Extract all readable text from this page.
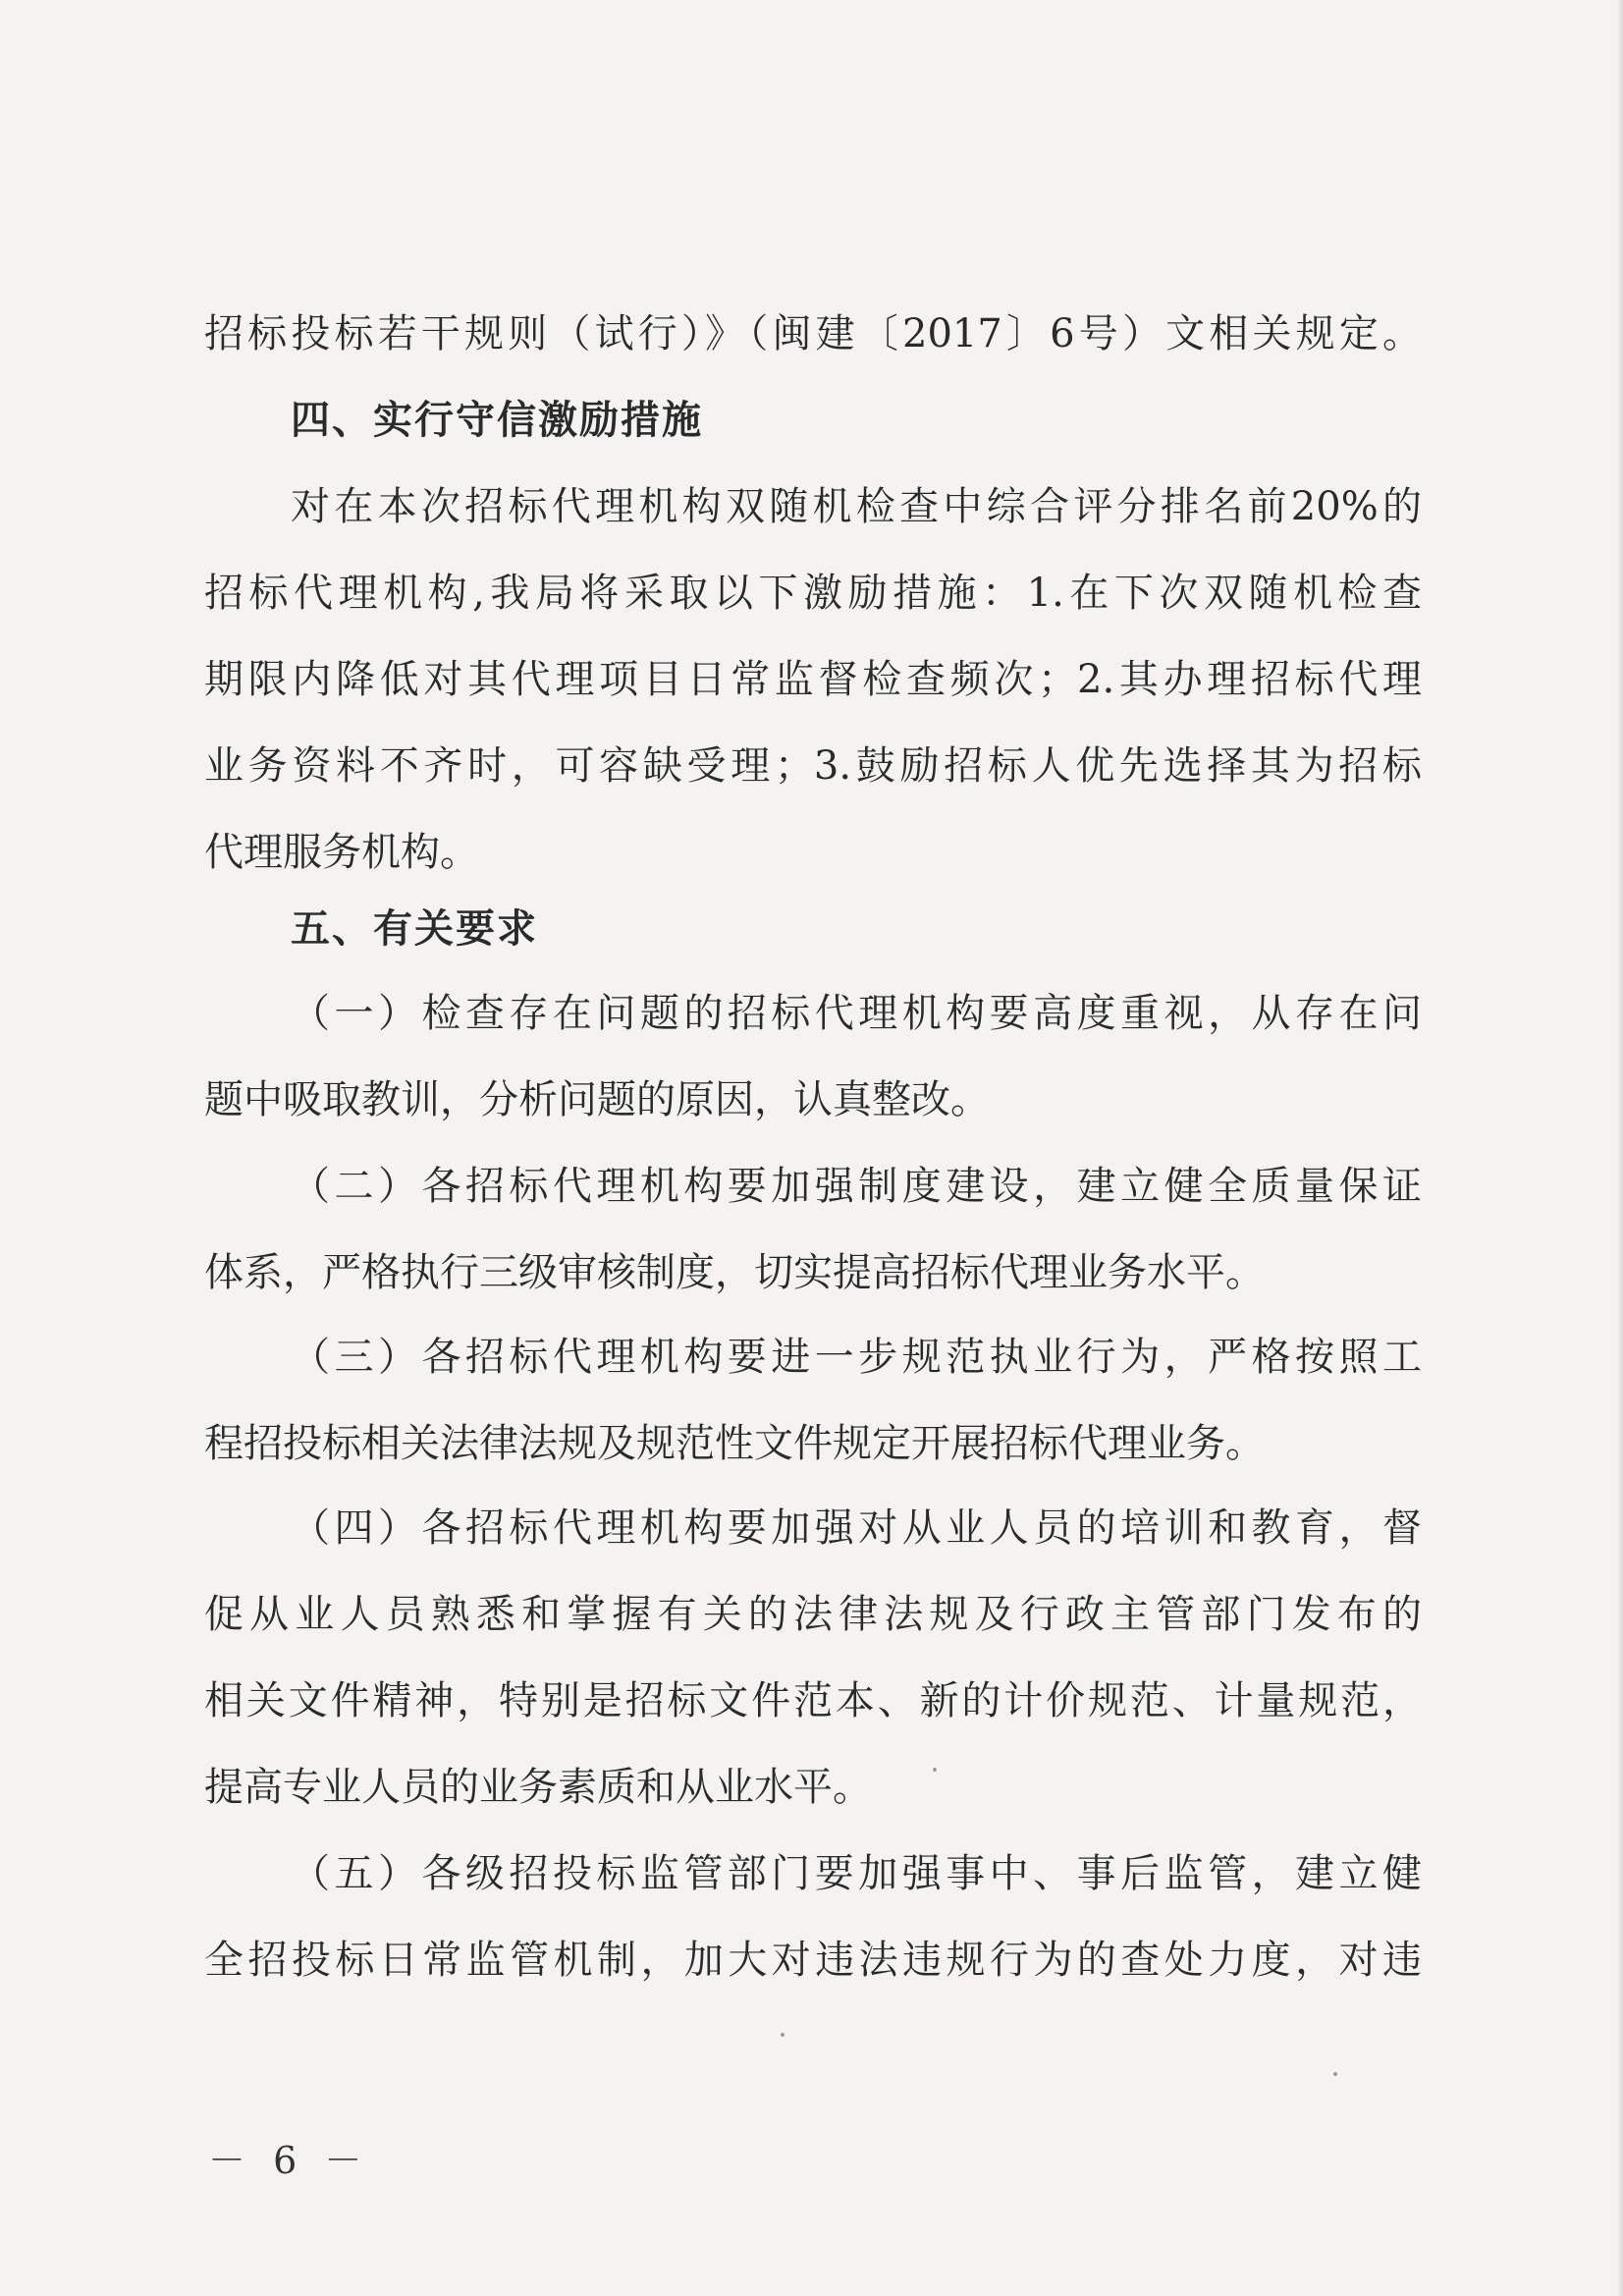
招标投标若干规则（试行）》（闽建〔2017〕6号）文相关规定。
四、实行守信激励措施
对在本次招标代理机构双随机检查中综合评分排名前20%的
招标代理机构,我局将采取以下激励措施：1.在下次双随机检查
期限内降低对其代理项目日常监督检查频次；2.其办理招标代理
业务资料不齐时，可容缺受理；3.鼓励招标人优先选择其为招标
代理服务机构。
五、有关要求
（一）检查存在问题的招标代理机构要高度重视，从存在问
题中吸取教训，分析问题的原因，认真整改。
（二）各招标代理机构要加强制度建设，建立健全质量保证
体系，严格执行三级审核制度，切实提高招标代理业务水平。
（三）各招标代理机构要进一步规范执业行为，严格按照工
程招投标相关法律法规及规范性文件规定开展招标代理业务。
（四）各招标代理机构要加强对从业人员的培训和教育，督
促从业人员熟悉和掌握有关的法律法规及行政主管部门发布的
相关文件精神，特别是招标文件范本、新的计价规范、计量规范，
提高专业人员的业务素质和从业水平。
（五）各级招投标监管部门要加强事中、事后监管，建立健
全招投标日常监管机制，加大对违法违规行为的查处力度，对违
－ 6 －
